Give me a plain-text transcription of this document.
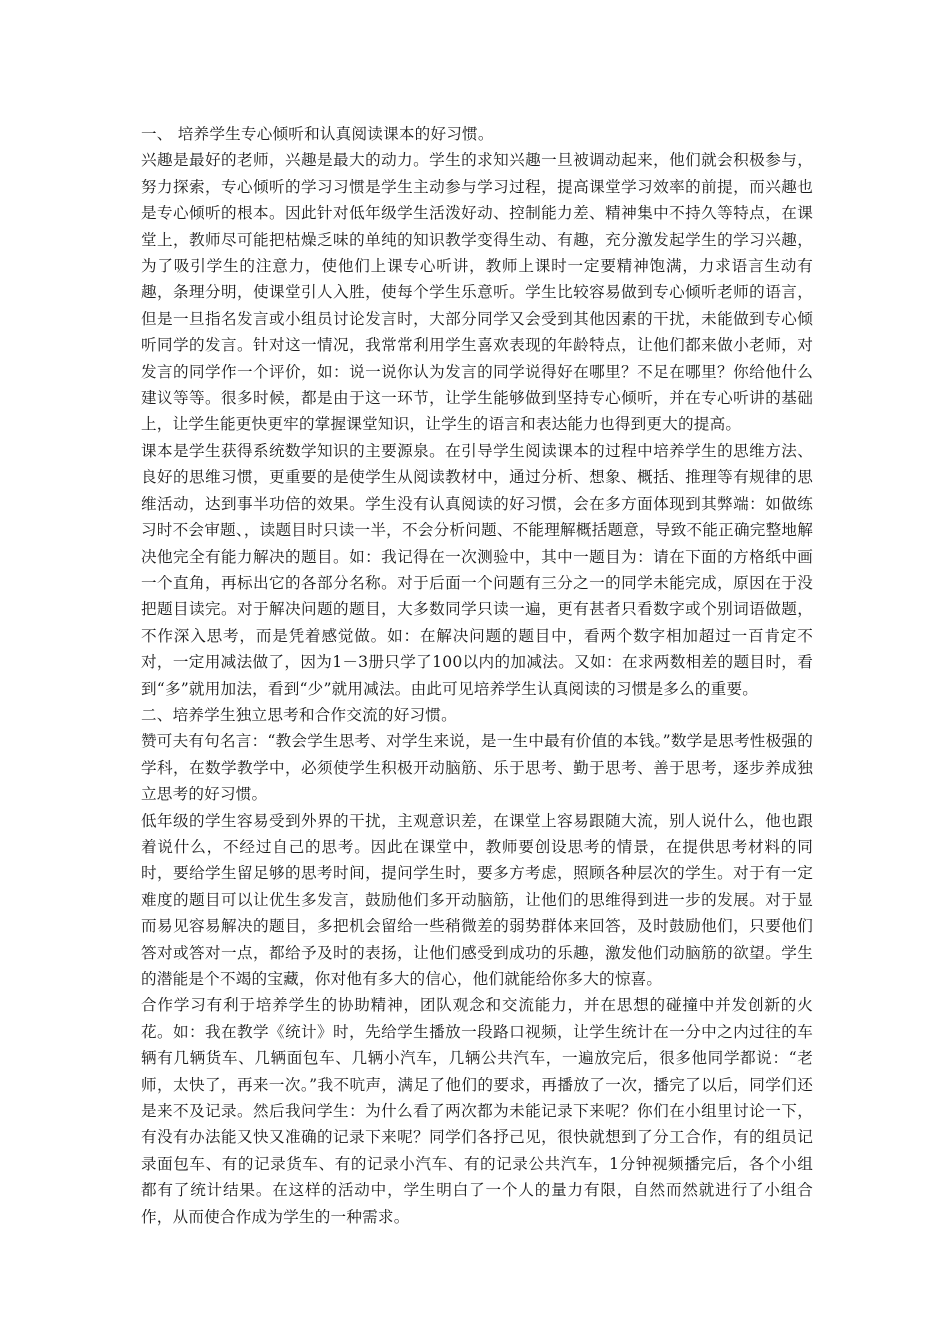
一、 培养学生专心倾听和认真阅读课本的好习惯。

兴趣是最好的老师，兴趣是最大的动力。学生的求知兴趣一旦被调动起来，他们就会积极参与，努力探索，专心倾听的学习习惯是学生主动参与学习过程，提高课堂学习效率的前提，而兴趣也是专心倾听的根本。因此针对低年级学生活泼好动、控制能力差、精神集中不持久等特点，在课堂上，教师尽可能把枯燥乏味的单纯的知识教学变得生动、有趣，充分激发起学生的学习兴趣，为了吸引学生的注意力，使他们上课专心听讲，教师上课时一定要精神饱满，力求语言生动有趣，条理分明，使课堂引人入胜，使每个学生乐意听。学生比较容易做到专心倾听老师的语言，但是一旦指名发言或小组员讨论发言时，大部分同学又会受到其他因素的干扰，未能做到专心倾听同学的发言。针对这一情况，我常常利用学生喜欢表现的年龄特点，让他们都来做小老师，对发言的同学作一个评价，如：说一说你认为发言的同学说得好在哪里？不足在哪里？你给他什么建议等等。很多时候，都是由于这一环节，让学生能够做到坚持专心倾听，并在专心听讲的基础上，让学生能更快更牢的掌握课堂知识，让学生的语言和表达能力也得到更大的提高。

课本是学生获得系统数学知识的主要源泉。在引导学生阅读课本的过程中培养学生的思维方法、良好的思维习惯，更重要的是使学生从阅读教材中，通过分析、想象、概括、推理等有规律的思维活动，达到事半功倍的效果。学生没有认真阅读的好习惯，会在多方面体现到其弊端：如做练习时不会审题、，读题目时只读一半，不会分析问题、不能理解概括题意，导致不能正确完整地解决他完全有能力解决的题目。如：我记得在一次测验中，其中一题目为：请在下面的方格纸中画一个直角，再标出它的各部分名称。对于后面一个问题有三分之一的同学未能完成，原因在于没把题目读完。对于解决问题的题目，大多数同学只读一遍，更有甚者只看数字或个别词语做题，不作深入思考，而是凭着感觉做。如：在解决问题的题目中，看两个数字相加超过一百肯定不对，一定用减法做了，因为1－3册只学了100以内的加减法。又如：在求两数相差的题目时，看到“多”就用加法，看到“少”就用减法。由此可见培养学生认真阅读的习惯是多么的重要。

二、培养学生独立思考和合作交流的好习惯。

赞可夫有句名言：“教会学生思考、对学生来说，是一生中最有价值的本钱。”数学是思考性极强的学科，在数学教学中，必须使学生积极开动脑筋、乐于思考、勤于思考、善于思考，逐步养成独立思考的好习惯。

低年级的学生容易受到外界的干扰，主观意识差，在课堂上容易跟随大流，别人说什么，他也跟着说什么，不经过自己的思考。因此在课堂中，教师要创设思考的情景，在提供思考材料的同时，要给学生留足够的思考时间，提问学生时，要多方考虑，照顾各种层次的学生。对于有一定难度的题目可以让优生多发言，鼓励他们多开动脑筋，让他们的思维得到进一步的发展。对于显而易见容易解决的题目，多把机会留给一些稍微差的弱势群体来回答，及时鼓励他们，只要他们答对或答对一点，都给予及时的表扬，让他们感受到成功的乐趣，激发他们动脑筋的欲望。学生的潜能是个不竭的宝藏，你对他有多大的信心，他们就能给你多大的惊喜。

合作学习有利于培养学生的协助精神，团队观念和交流能力，并在思想的碰撞中并发创新的火花。如：我在教学《统计》时，先给学生播放一段路口视频，让学生统计在一分中之内过往的车辆有几辆货车、几辆面包车、几辆小汽车，几辆公共汽车，一遍放完后，很多他同学都说：“老师，太快了，再来一次。”我不吭声，满足了他们的要求，再播放了一次，播完了以后，同学们还是来不及记录。然后我问学生：为什么看了两次都为未能记录下来呢？你们在小组里讨论一下，有没有办法能又快又准确的记录下来呢？同学们各抒己见，很快就想到了分工合作，有的组员记录面包车、有的记录货车、有的记录小汽车、有的记录公共汽车，1分钟视频播完后，各个小组都有了统计结果。在这样的活动中，学生明白了一个人的量力有限，自然而然就进行了小组合作，从而使合作成为学生的一种需求。
